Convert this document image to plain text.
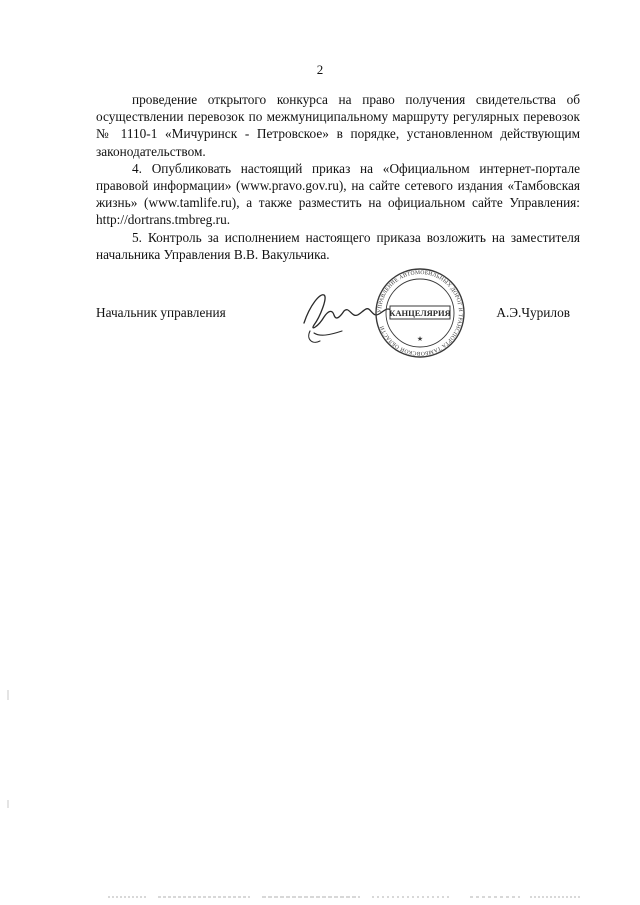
2

проведение открытого конкурса на право получения свидетельства об осуществлении перевозок по межмуниципальному маршруту регулярных перевозок № 1110-1 «Мичуринск - Петровское» в порядке, установленном действующим законодательством.

4. Опубликовать настоящий приказ на «Официальном интернет-портале правовой информации» (www.pravo.gov.ru), на сайте сетевого издания «Тамбовская жизнь» (www.tamlife.ru), а также разместить на официальном сайте Управления: http://dortrans.tmbreg.ru.

5. Контроль за исполнением настоящего приказа возложить на заместителя начальника Управления В.В. Вакульчика.

Начальник управления	А.Э.Чурилов
УПРАВЛЕНИЕ АВТОМОБИЛЬНЫХ ДОРОГ И ТРАНСПОРТА ТАМБОВСКОЙ ОБЛАСТИ
КАНЦЕЛЯРИЯ
★
